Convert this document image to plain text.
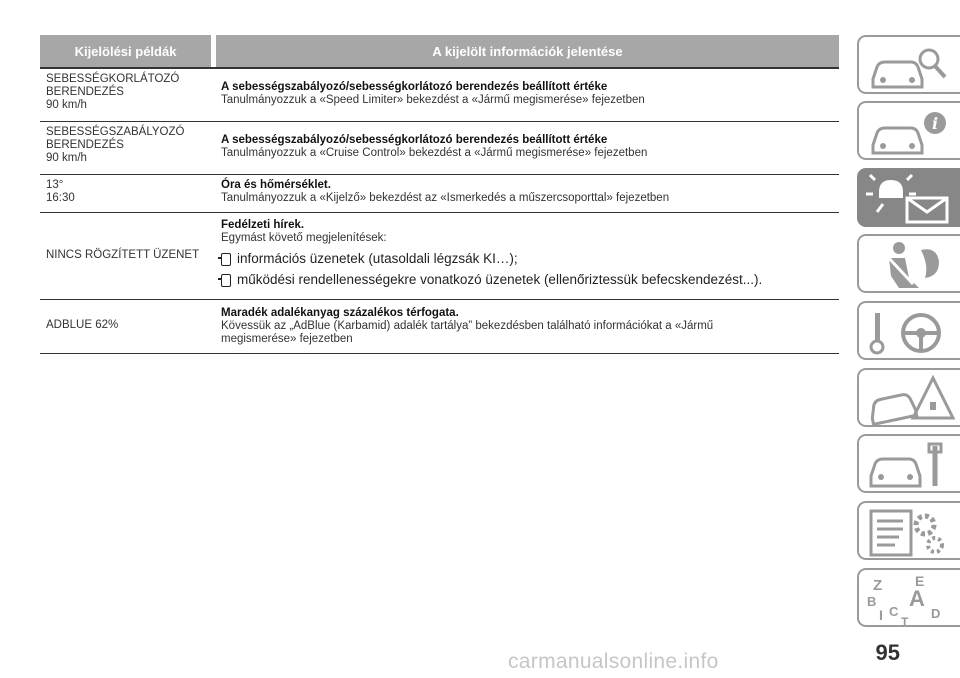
Kijelölési példák	A kijelölt információk jelentése
SEBESSÉGKORLÁTOZÓ
BERENDEZÉS
90 km/h
A sebességszabályozó/sebességkorlátozó berendezés beállított értéke
Tanulmányozzuk a «Speed Limiter» bekezdést a «Jármű megismerése» fejezetben
SEBESSÉGSZABÁLYOZÓ
BERENDEZÉS
90 km/h
A sebességszabályozó/sebességkorlátozó berendezés beállított értéke
Tanulmányozzuk a «Cruise Control» bekezdést a «Jármű megismerése» fejezetben
13°
16:30
Óra és hőmérséklet.
Tanulmányozzuk a «Kijelző» bekezdést az «Ismerkedés a műszercsoporttal» fejezetben
NINCS RÖGZÍTETT ÜZENET
Fedélzeti hírek.
Egymást követő megjelenítések:
információs üzenetek (utasoldali légzsák KI…);
működési rendellenességekre vonatkozó üzenetek (ellenőriztessük befecskendezést...).
ADBLUE 62%
Maradék adalékanyag százalékos térfogata.
Kövessük az „AdBlue (Karbamid) adalék tartálya” bekezdésben található információkat a «Jármű
megismerése» fejezetben
i
Z E
B A
I C	D
T
95
carmanualsonline.info
